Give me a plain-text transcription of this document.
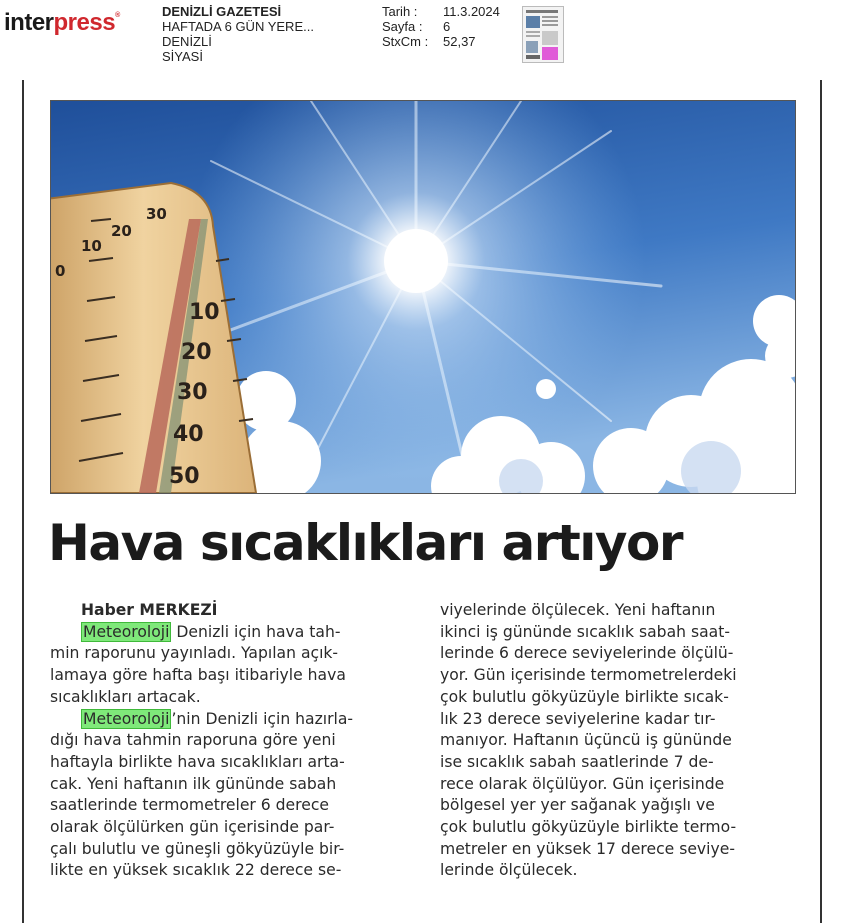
interpress®	DENİZLİ GAZETESİ
HAFTADA 6 GÜN YERE...
DENİZLİ
SİYASİ
Tarih :	11.3.2024
Sayfa :	6
StxCm :	52,37
50
40
30
20
10
0
10
20
30
Hava sıcaklıkları artıyor
Haber MERKEZİ
Meteoroloji Denizli için hava tah-
min raporunu yayınladı. Yapılan açık-
lamaya göre hafta başı itibariyle hava
sıcaklıkları artacak.
Meteoroloji ’nin Denizli için hazırla-
dığı hava tahmin raporuna göre yeni
haftayla birlikte hava sıcaklıkları arta-
cak. Yeni haftanın ilk gününde sabah
saatlerinde termometreler 6 derece
olarak ölçülürken gün içerisinde par-
çalı bulutlu ve güneşli gökyüzüyle bir-
likte en yüksek sıcaklık 22 derece se-
viyelerinde ölçülecek. Yeni haftanın
ikinci iş gününde sıcaklık sabah saat-
lerinde 6 derece seviyelerinde ölçülü-
yor. Gün içerisinde termometrelerdeki
çok bulutlu gökyüzüyle birlikte sıcak-
lık 23 derece seviyelerine kadar tır-
manıyor. Haftanın üçüncü iş gününde
ise sıcaklık sabah saatlerinde 7 de-
rece olarak ölçülüyor. Gün içerisinde
bölgesel yer yer sağanak yağışlı ve
çok bulutlu gökyüzüyle birlikte termo-
metreler en yüksek 17 derece seviye-
lerinde ölçülecek.
